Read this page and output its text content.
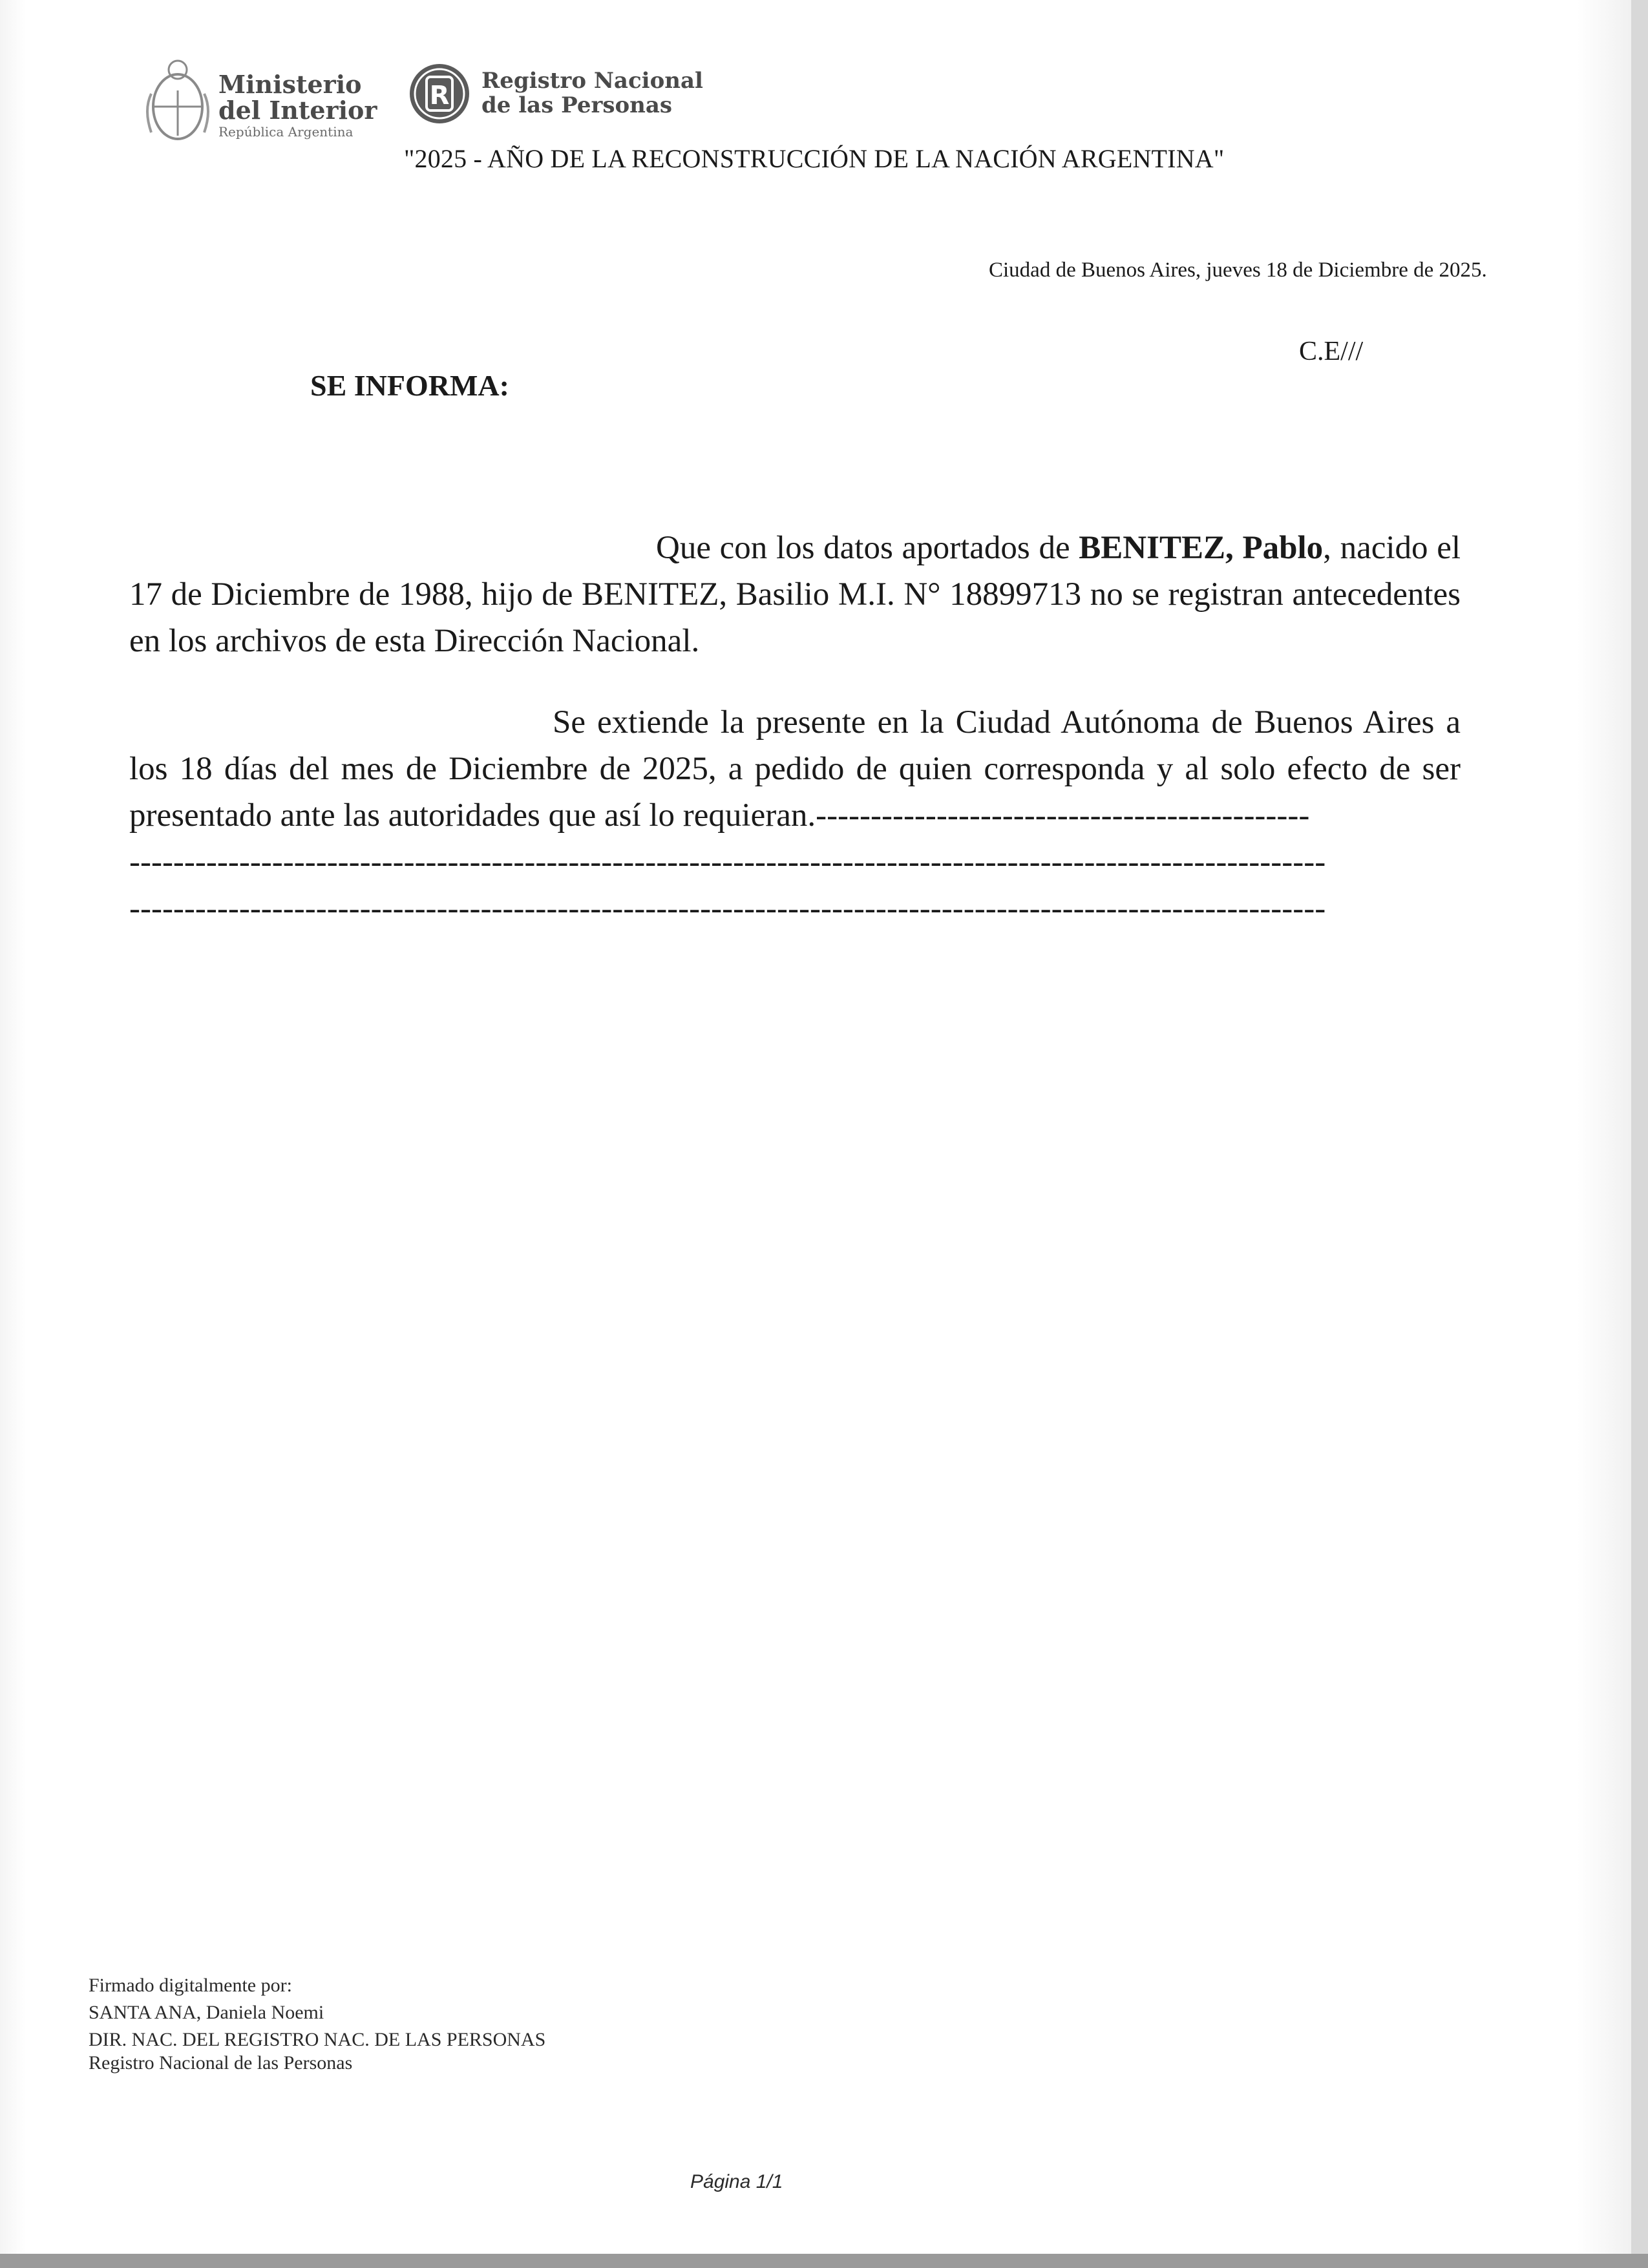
Ministerio
del Interior
República Argentina
R Registro Nacional
de las Personas
"2025 - AÑO DE LA RECONSTRUCCIÓN DE LA NACIÓN ARGENTINA"
Ciudad de Buenos Aires, jueves 18 de Diciembre de 2025.
C.E///
SE INFORMA:
Que con los datos aportados de BENITEZ, Pablo, nacido el 17 de Diciembre de 1988, hijo de BENITEZ, Basilio M.I. N° 18899713 no se registran antecedentes en los archivos de esta Dirección Nacional.
Se extiende la presente en la Ciudad Autónoma de Buenos Aires a los 18 días del mes de Diciembre de 2025, a pedido de quien corresponda y al solo efecto de ser presentado ante las autoridades que así lo requieran.---------------------------------------------
-------------------------------------------------------------------------------------------------------------
-------------------------------------------------------------------------------------------------------------
Firmado digitalmente por:
SANTA ANA, Daniela Noemi
DIR. NAC. DEL REGISTRO NAC. DE LAS PERSONAS
Registro Nacional de las Personas
Página 1/1
